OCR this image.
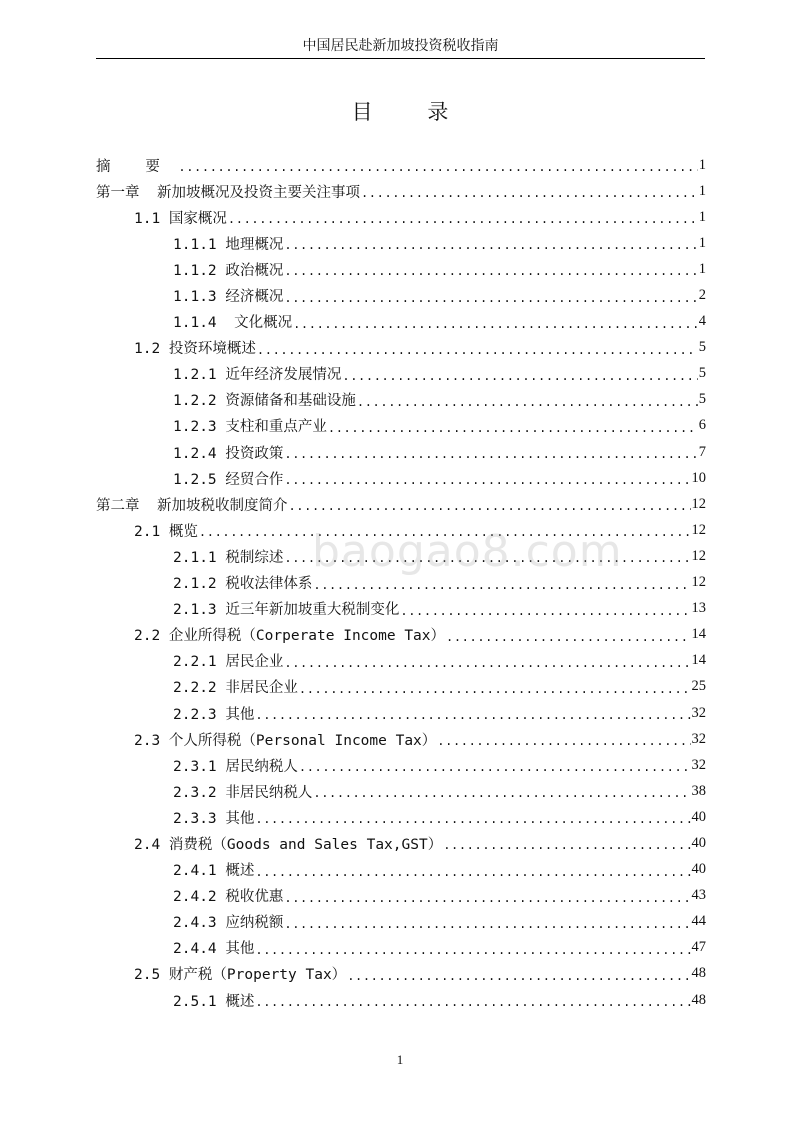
中国居民赴新加坡投资税收指南
目 录
摘    要 .....	1
第一章  新加坡概况及投资主要关注事项 .....	1
1.1 国家概况 .....	1
1.1.1 地理概况 .....	1
1.1.2 政治概况 .....	1
1.1.3 经济概况 .....	2
1.1.4  文化概况 .....	4
1.2 投资环境概述 .....	5
1.2.1 近年经济发展情况 .....	5
1.2.2 资源储备和基础设施 .....	5
1.2.3 支柱和重点产业 .....	6
1.2.4 投资政策 .....	7
1.2.5 经贸合作 .....	10
第二章  新加坡税收制度简介 .....	12
2.1 概览 .....	12
2.1.1 税制综述 .....	12
2.1.2 税收法律体系 .....	12
2.1.3 近三年新加坡重大税制变化 .....	13
2.2 企业所得税（Corperate Income Tax） .....	14
2.2.1 居民企业 .....	14
2.2.2 非居民企业 .....	25
2.2.3 其他 .....	32
2.3 个人所得税（Personal Income Tax） .....	32
2.3.1 居民纳税人 .....	32
2.3.2 非居民纳税人 .....	38
2.3.3 其他 .....	40
2.4 消费税（Goods and Sales Tax,GST） .....	40
2.4.1 概述 .....	40
2.4.2 税收优惠 .....	43
2.4.3 应纳税额 .....	44
2.4.4 其他 .....	47
2.5 财产税（Property Tax） .....	48
2.5.1 概述 .....	48
baogao8.com
1
